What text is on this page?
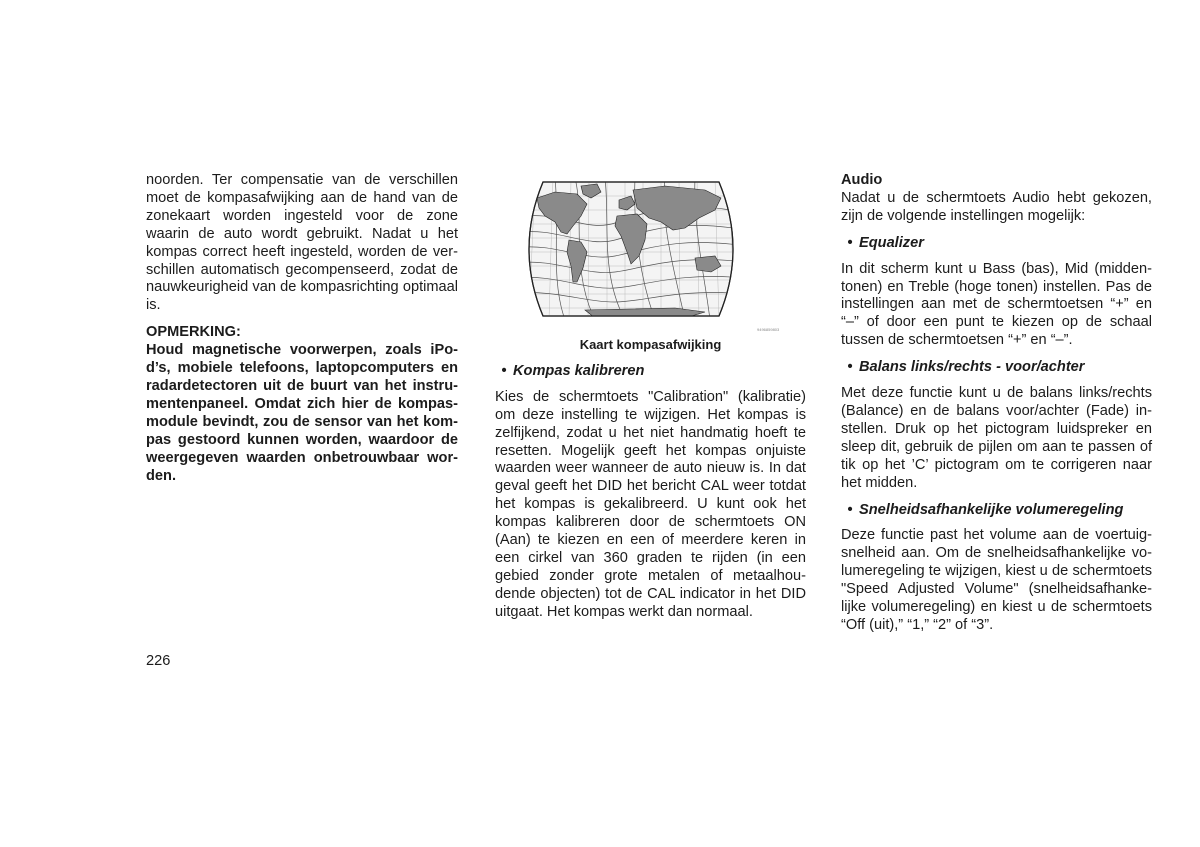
noorden. Ter compensatie van de verschillen moet de kompasafwijking aan de hand van de zonekaart worden ingesteld voor de zone waarin de auto wordt gebruikt. Nadat u het kompas correct heeft ingesteld, worden de verschillen automatisch gecompenseerd, zodat de nauwkeurigheid van de kompasrichting optimaal is.

OPMERKING:

Houd magnetische voorwerpen, zoals iPod’s, mobiele telefoons, laptopcomputers en radardetectoren uit de buurt van het instrumentenpaneel. Omdat zich hier de kompasmodule bevindt, zou de sensor van het kompas gestoord kunnen worden, waardoor de weergegeven waarden onbetrouwbaar worden.

9496859803

Kaart kompasafwijking

• Kompas kalibreren

Kies de schermtoets "Calibration" (kalibratie) om deze instelling te wijzigen. Het kompas is zelfijkend, zodat u het niet handmatig hoeft te resetten. Mogelijk geeft het kompas onjuiste waarden weer wanneer de auto nieuw is. In dat geval geeft het DID het bericht CAL weer totdat het kompas is gekalibreerd. U kunt ook het kompas kalibreren door de schermtoets ON (Aan) te kiezen en een of meerdere keren in een cirkel van 360 graden te rijden (in een gebied zonder grote metalen of metaalhoudende objecten) tot de CAL indicator in het DID uitgaat. Het kompas werkt dan normaal.

Audio

Nadat u de schermtoets Audio hebt gekozen, zijn de volgende instellingen mogelijk:

• Equalizer

In dit scherm kunt u Bass (bas), Mid (middentonen) en Treble (hoge tonen) instellen. Pas de instellingen aan met de schermtoetsen “+” en “–” of door een punt te kiezen op de schaal tussen de schermtoetsen “+” en “–”.

• Balans links/rechts - voor/achter

Met deze functie kunt u de balans links/rechts (Balance) en de balans voor/achter (Fade) instellen. Druk op het pictogram luidspreker en sleep dit, gebruik de pijlen om aan te passen of tik op het ’C’ pictogram om te corrigeren naar het midden.

• Snelheidsafhankelijke volumeregeling

Deze functie past het volume aan de voertuigsnelheid aan. Om de snelheidsafhankelijke volumeregeling te wijzigen, kiest u de schermtoets "Speed Adjusted Volume" (snelheidsafhankelijke volumeregeling) en kiest u de schermtoets “Off (uit),” “1,” “2” of “3”.

226
